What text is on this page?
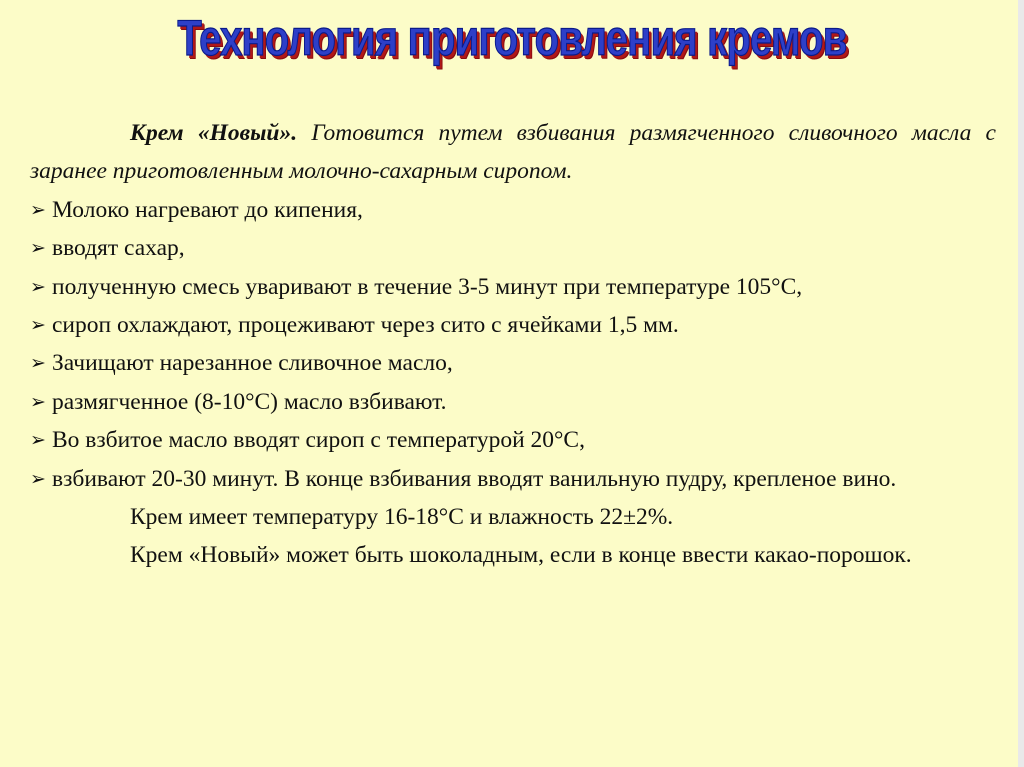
Технология приготовления кремов

Крем «Новый». Готовится путем взбивания размягченного сливочного масла с заранее приготовленным молочно-сахарным сиропом.

➢ Молоко нагревают до кипения,

➢ вводят сахар,

➢ полученную смесь уваривают в течение 3-5 минут при температуре 105°С,

➢ сироп охлаждают, процеживают через сито с ячейками 1,5 мм.

➢ Зачищают нарезанное сливочное масло,

➢ размягченное (8-10°С) масло взбивают.

➢ Во взбитое масло вводят сироп с температурой 20°С,

➢ взбивают 20-30 минут. В конце взбивания вводят ванильную пудру, крепленое вино.

Крем имеет температуру 16-18°С и влажность 22±2%.

Крем «Новый» может быть шоколадным, если в конце ввести какао-порошок.
